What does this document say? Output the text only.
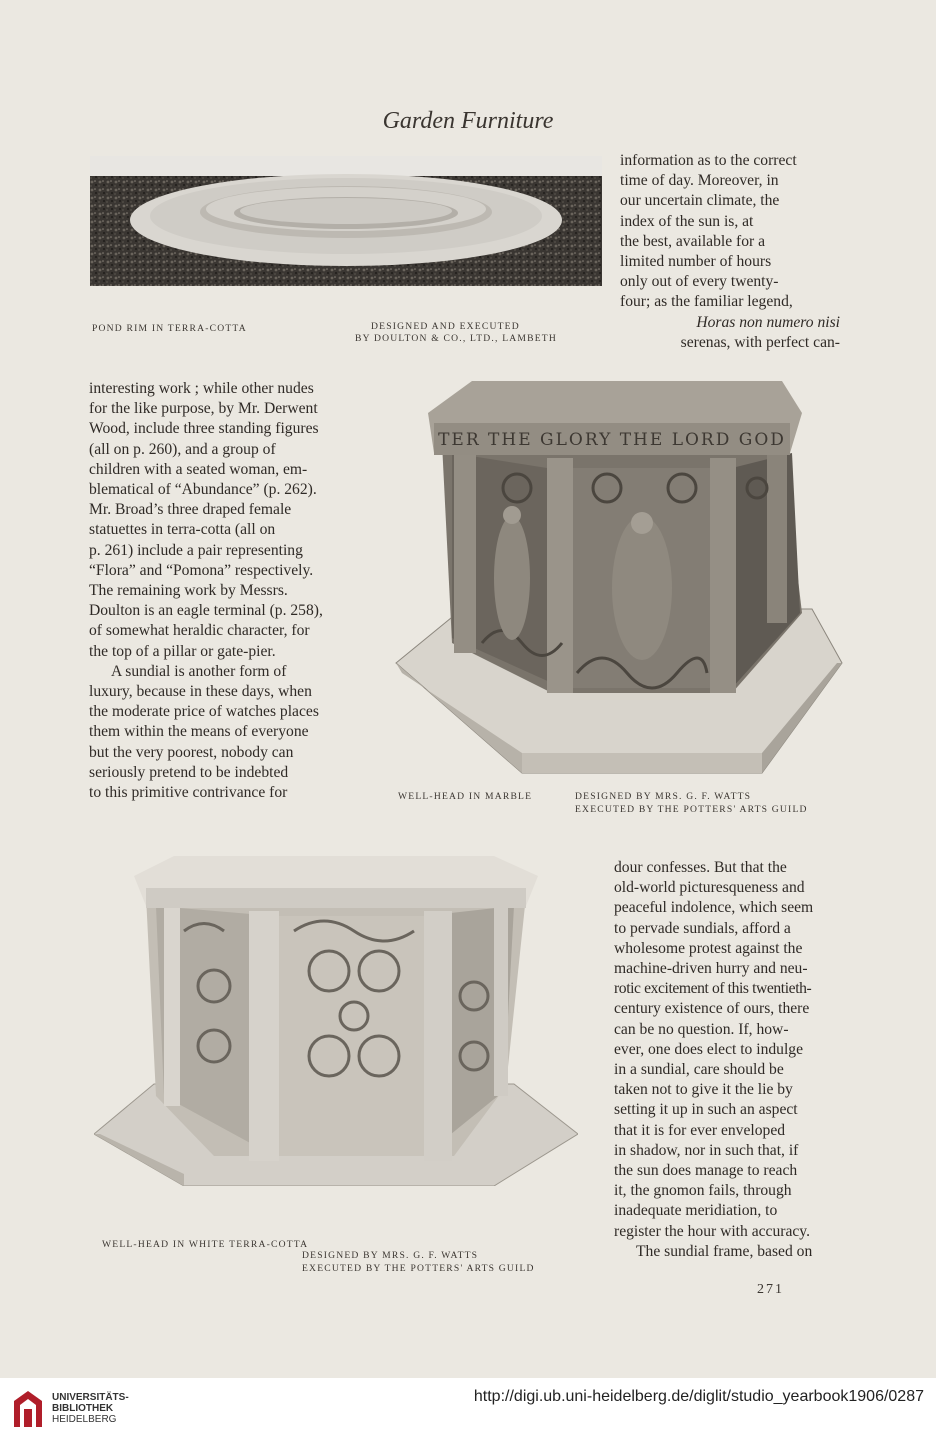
Garden Furniture
POND RIM IN TERRA-COTTA	DESIGNED AND EXECUTED
BY DOULTON & CO., LTD., LAMBETH

information as to the correct

time of day. Moreover, in

our uncertain climate, the

index of the sun is, at

the best, available for a

limited number of hours

only out of every twenty-

four; as the familiar legend,

Horas non numero nisi

serenas, with perfect can-

interesting work ; while other nudes

for the like purpose, by Mr. Derwent

Wood, include three standing figures

(all on p. 260), and a group of

children with a seated woman, em-

blematical of “Abundance” (p. 262).

Mr. Broad’s three draped female

statuettes in terra-cotta (all on

p. 261) include a pair representing

“Flora” and “Pomona” respectively.

The remaining work by Messrs.

Doulton is an eagle terminal (p. 258),

of somewhat heraldic character, for

the top of a pillar or gate-pier.

A sundial is another form of

luxury, because in these days, when

the moderate price of watches places

them within the means of everyone

but the very poorest, nobody can

seriously pretend to be indebted

to this primitive contrivance for

TER THE GLORY THE LORD GOD
WELL-HEAD IN MARBLE	DESIGNED BY MRS. G. F. WATTS
EXECUTED BY THE POTTERS' ARTS GUILD
WELL-HEAD IN WHITE TERRA-COTTA
DESIGNED BY MRS. G. F. WATTS
EXECUTED BY THE POTTERS' ARTS GUILD

dour confesses. But that the

old-world picturesqueness and

peaceful indolence, which seem

to pervade sundials, afford a

wholesome protest against the

machine-driven hurry and neu-

rotic excitement of this twentieth-

century existence of ours, there

can be no question. If, how-

ever, one does elect to indulge

in a sundial, care should be

taken not to give it the lie by

setting it up in such an aspect

that it is for ever enveloped

in shadow, nor in such that, if

the sun does manage to reach

it, the gnomon fails, through

inadequate meridiation, to

register the hour with accuracy.

The sundial frame, based on

271
UNIVERSITÄTS-
BIBLIOTHEK
HEIDELBERG
http://digi.ub.uni-heidelberg.de/diglit/studio_yearbook1906/0287
